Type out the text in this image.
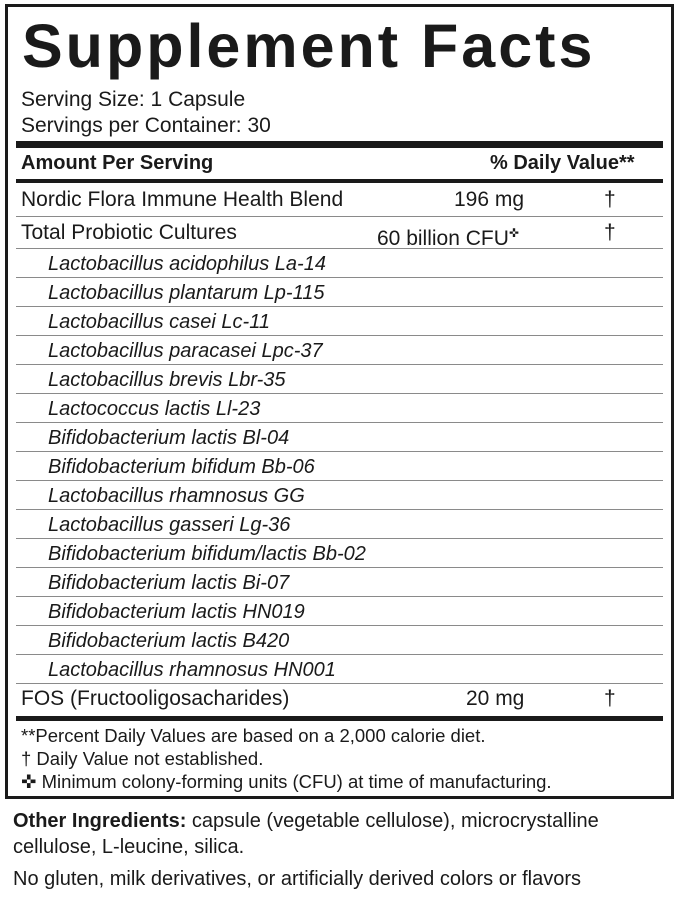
Supplement Facts
Serving Size: 1 Capsule
Servings per Container: 30
Amount Per Serving	% Daily Value**
Nordic Flora Immune Health Blend	196 mg	†
Total Probiotic Cultures	60 billion CFU✜	†
Lactobacillus acidophilus La-14
Lactobacillus plantarum Lp-115
Lactobacillus casei Lc-11
Lactobacillus paracasei Lpc-37
Lactobacillus brevis Lbr-35
Lactococcus lactis Ll-23
Bifidobacterium lactis Bl-04
Bifidobacterium bifidum Bb-06
Lactobacillus rhamnosus GG
Lactobacillus gasseri Lg-36
Bifidobacterium bifidum/lactis Bb-02
Bifidobacterium lactis Bi-07
Bifidobacterium lactis HN019
Bifidobacterium lactis B420
Lactobacillus rhamnosus HN001
FOS (Fructooligosacharides)	20 mg	†
**Percent Daily Values are based on a 2,000 calorie diet.
† Daily Value not established.
✜ Minimum colony-forming units (CFU) at time of manufacturing.
Other Ingredients: capsule (vegetable cellulose), microcrystalline
cellulose, L-leucine, silica.
No gluten, milk derivatives, or artificially derived colors or flavors
